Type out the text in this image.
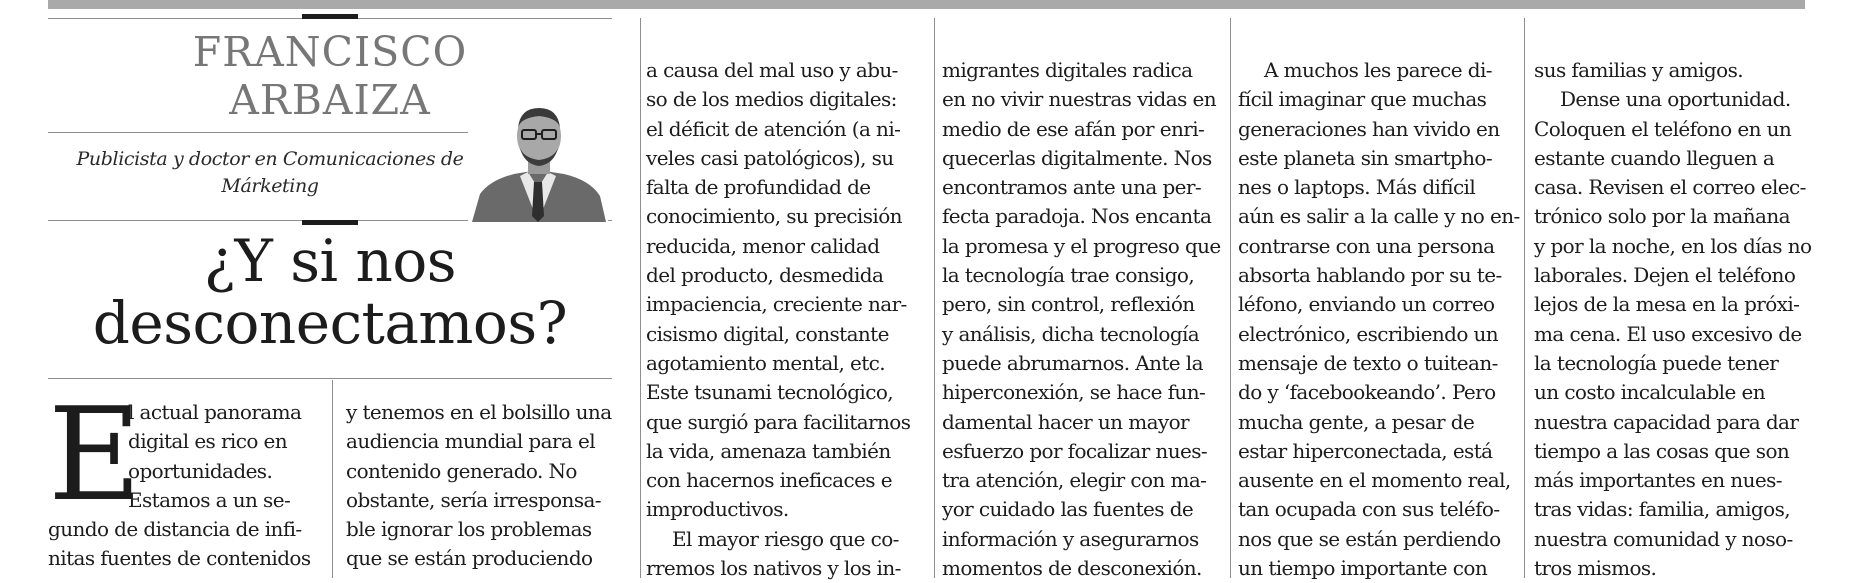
FRANCISCO
ARBAIZA

Publicista y doctor en Comunicaciones de
Márketing

¿Y si nos
desconectamos?
E
l actual panorama
digital es rico en
oportunidades.
Estamos a un se-
gundo de distancia de infi-
nitas fuentes de contenidos
y tenemos en el bolsillo una
audiencia mundial para el
contenido generado. No
obstante, sería irresponsa-
ble ignorar los problemas
que se están produciendo
a causa del mal uso y abu-
so de los medios digitales:
el déficit de atención (a ni-
veles casi patológicos), su
falta de profundidad de
conocimiento, su precisión
reducida, menor calidad
del producto, desmedida
impaciencia, creciente nar-
cisismo digital, constante
agotamiento mental, etc.
Este tsunami tecnológico,
que surgió para facilitarnos
la vida, amenaza también
con hacernos ineficaces e
improductivos.
El mayor riesgo que co-
rremos los nativos y los in-
migrantes digitales radica
en no vivir nuestras vidas en
medio de ese afán por enri-
quecerlas digitalmente. Nos
encontramos ante una per-
fecta paradoja. Nos encanta
la promesa y el progreso que
la tecnología trae consigo,
pero, sin control, reflexión
y análisis, dicha tecnología
puede abrumarnos. Ante la
hiperconexión, se hace fun-
damental hacer un mayor
esfuerzo por focalizar nues-
tra atención, elegir con ma-
yor cuidado las fuentes de
información y asegurarnos
momentos de desconexión.
A muchos les parece di-
fícil imaginar que muchas
generaciones han vivido en
este planeta sin smartpho-
nes o laptops. Más difícil
aún es salir a la calle y no en-
contrarse con una persona
absorta hablando por su te-
léfono, enviando un correo
electrónico, escribiendo un
mensaje de texto o tuitean-
do y ‘facebookeando’. Pero
mucha gente, a pesar de
estar hiperconectada, está
ausente en el momento real,
tan ocupada con sus teléfo-
nos que se están perdiendo
un tiempo importante con
sus familias y amigos.
Dense una oportunidad.
Coloquen el teléfono en un
estante cuando lleguen a
casa. Revisen el correo elec-
trónico solo por la mañana
y por la noche, en los días no
laborales. Dejen el teléfono
lejos de la mesa en la próxi-
ma cena. El uso excesivo de
la tecnología puede tener
un costo incalculable en
nuestra capacidad para dar
tiempo a las cosas que son
más importantes en nues-
tras vidas: familia, amigos,
nuestra comunidad y noso-
tros mismos.
